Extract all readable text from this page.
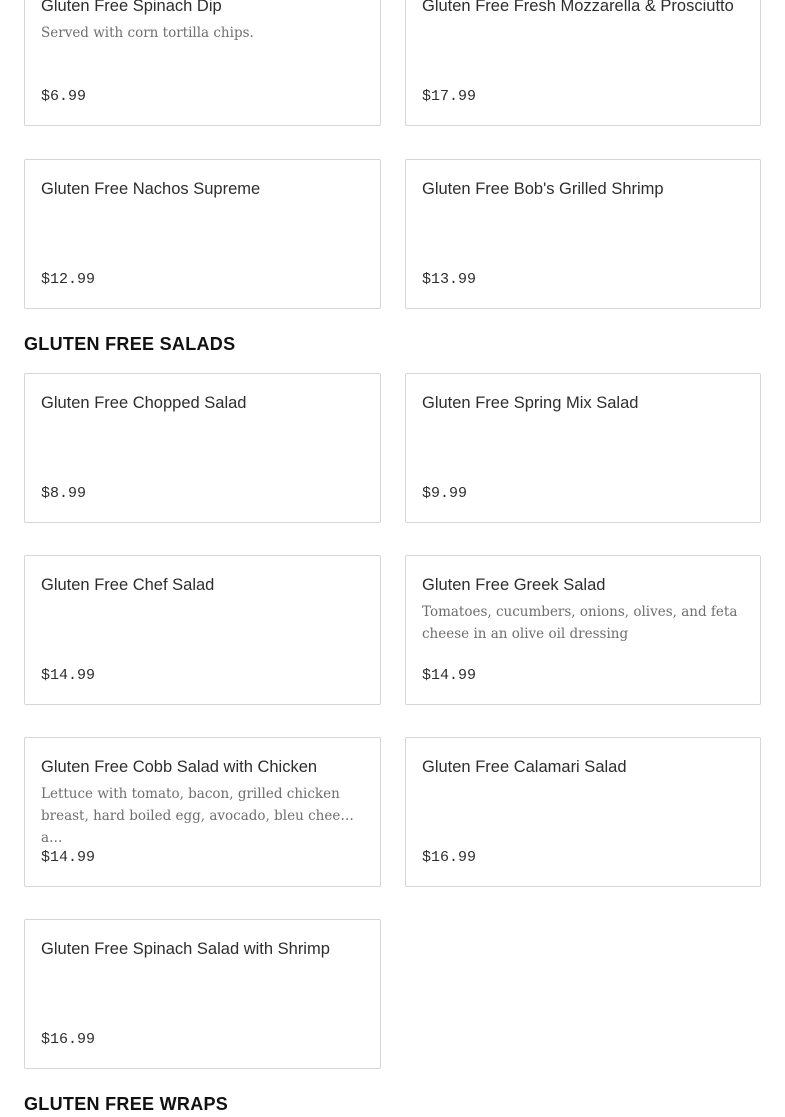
Gluten Free Spinach Dip
Served with corn tortilla chips.
$6.99
Gluten Free Fresh Mozzarella & Prosciutto
$17.99
Gluten Free Nachos Supreme
$12.99
Gluten Free Bob's Grilled Shrimp
$13.99
GLUTEN FREE SALADS
Gluten Free Chopped Salad
$8.99
Gluten Free Spring Mix Salad
$9.99
Gluten Free Chef Salad
$14.99
Gluten Free Greek Salad
Tomatoes, cucumbers, onions, olives, and feta cheese in an olive oil dressing
$14.99
Gluten Free Cobb Salad with Chicken
Lettuce with tomato, bacon, grilled chicken breast, hard boiled egg, avocado, bleu cheese, a…
$14.99
Gluten Free Calamari Salad
$16.99
Gluten Free Spinach Salad with Shrimp
$16.99
GLUTEN FREE WRAPS
